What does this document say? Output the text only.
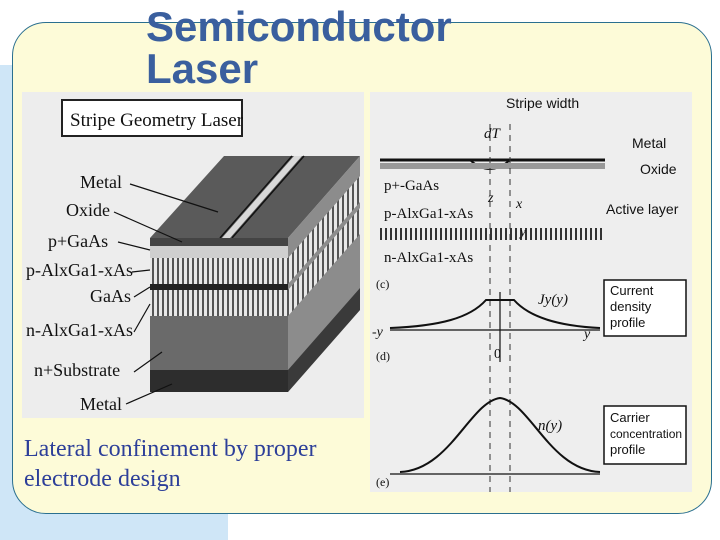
Semiconductor
Laser
Stripe Geometry Laser
Metal
Oxide
p+GaAs
p-AlxGa1-xAs
GaAs
n-AlxGa1-xAs
n+Substrate
Metal
Stripe width
dT
Metal
Oxide
p+-GaAs
p-AlxGa1-xAs
z x	Active layer
y
n-AlxGa1-xAs
(c)
Jy(y)
-y	y
0
(d)
Current
density
profile
n(y)
(e)
Carrier
concentration
profile
Lateral confinement by proper electrode design
